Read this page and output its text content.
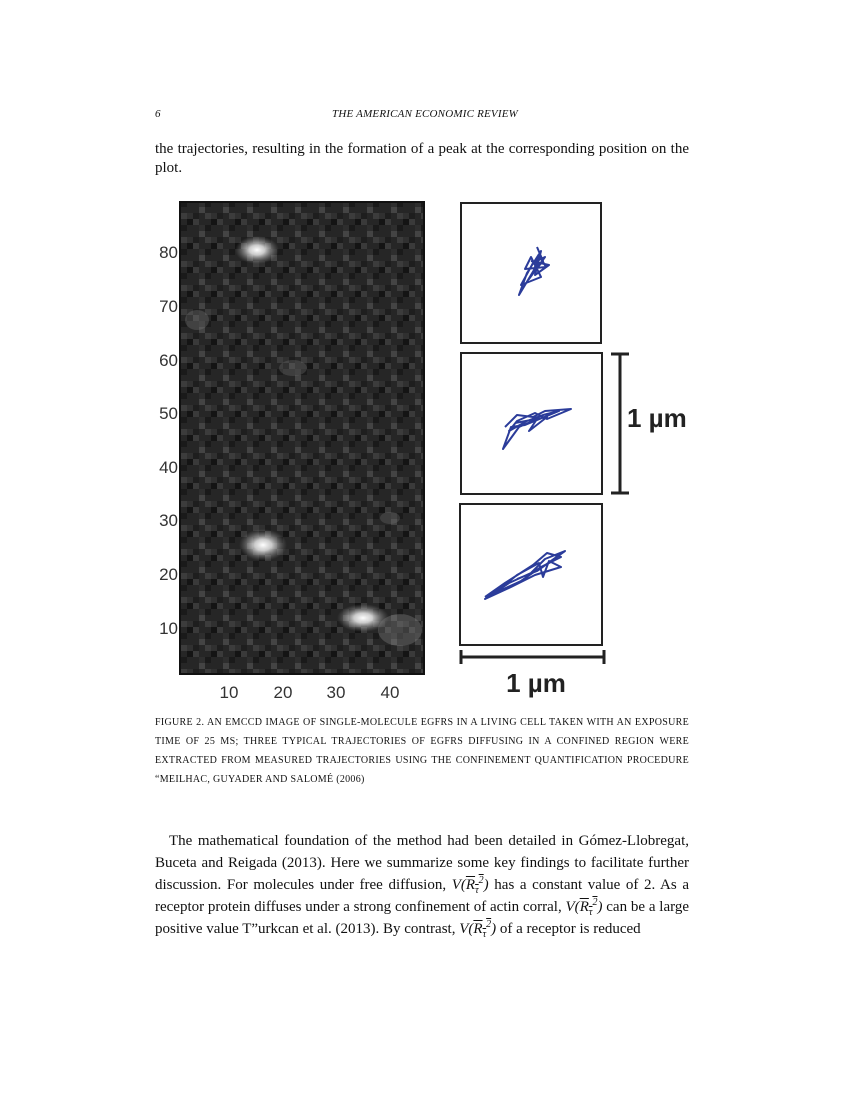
6	THE AMERICAN ECONOMIC REVIEW

the trajectories, resulting in the formation of a peak at the corresponding position on the plot.

80
70
60
50
40
30
20
10
10 20 30 40
1 µm
1 µm

FIGURE 2. AN EMCCD IMAGE OF SINGLE-MOLECULE EGFRS IN A LIVING CELL TAKEN WITH AN EXPOSURE TIME OF 25 MS; THREE TYPICAL TRAJECTORIES OF EGFRS DIFFUSING IN A CONFINED REGION WERE EXTRACTED FROM MEASURED TRAJECTORIES USING THE CONFINEMENT QUANTIFICATION PROCEDURE “MEILHAC, GUYADER AND SALOMÉ (2006)

The mathematical foundation of the method had been detailed in Gómez-Llobregat, Buceta and Reigada (2013). Here we summarize some key findings to facilitate further discussion. For molecules under free diffusion, $V(R_\tau^2)$ has a constant value of 2. As a receptor protein diffuses under a strong confinement of actin corral, $V(R_\tau^2)$ can be a large positive value T”urkcan et al. (2013). By contrast, $V(R_\tau^2)$ of a receptor is reduced
